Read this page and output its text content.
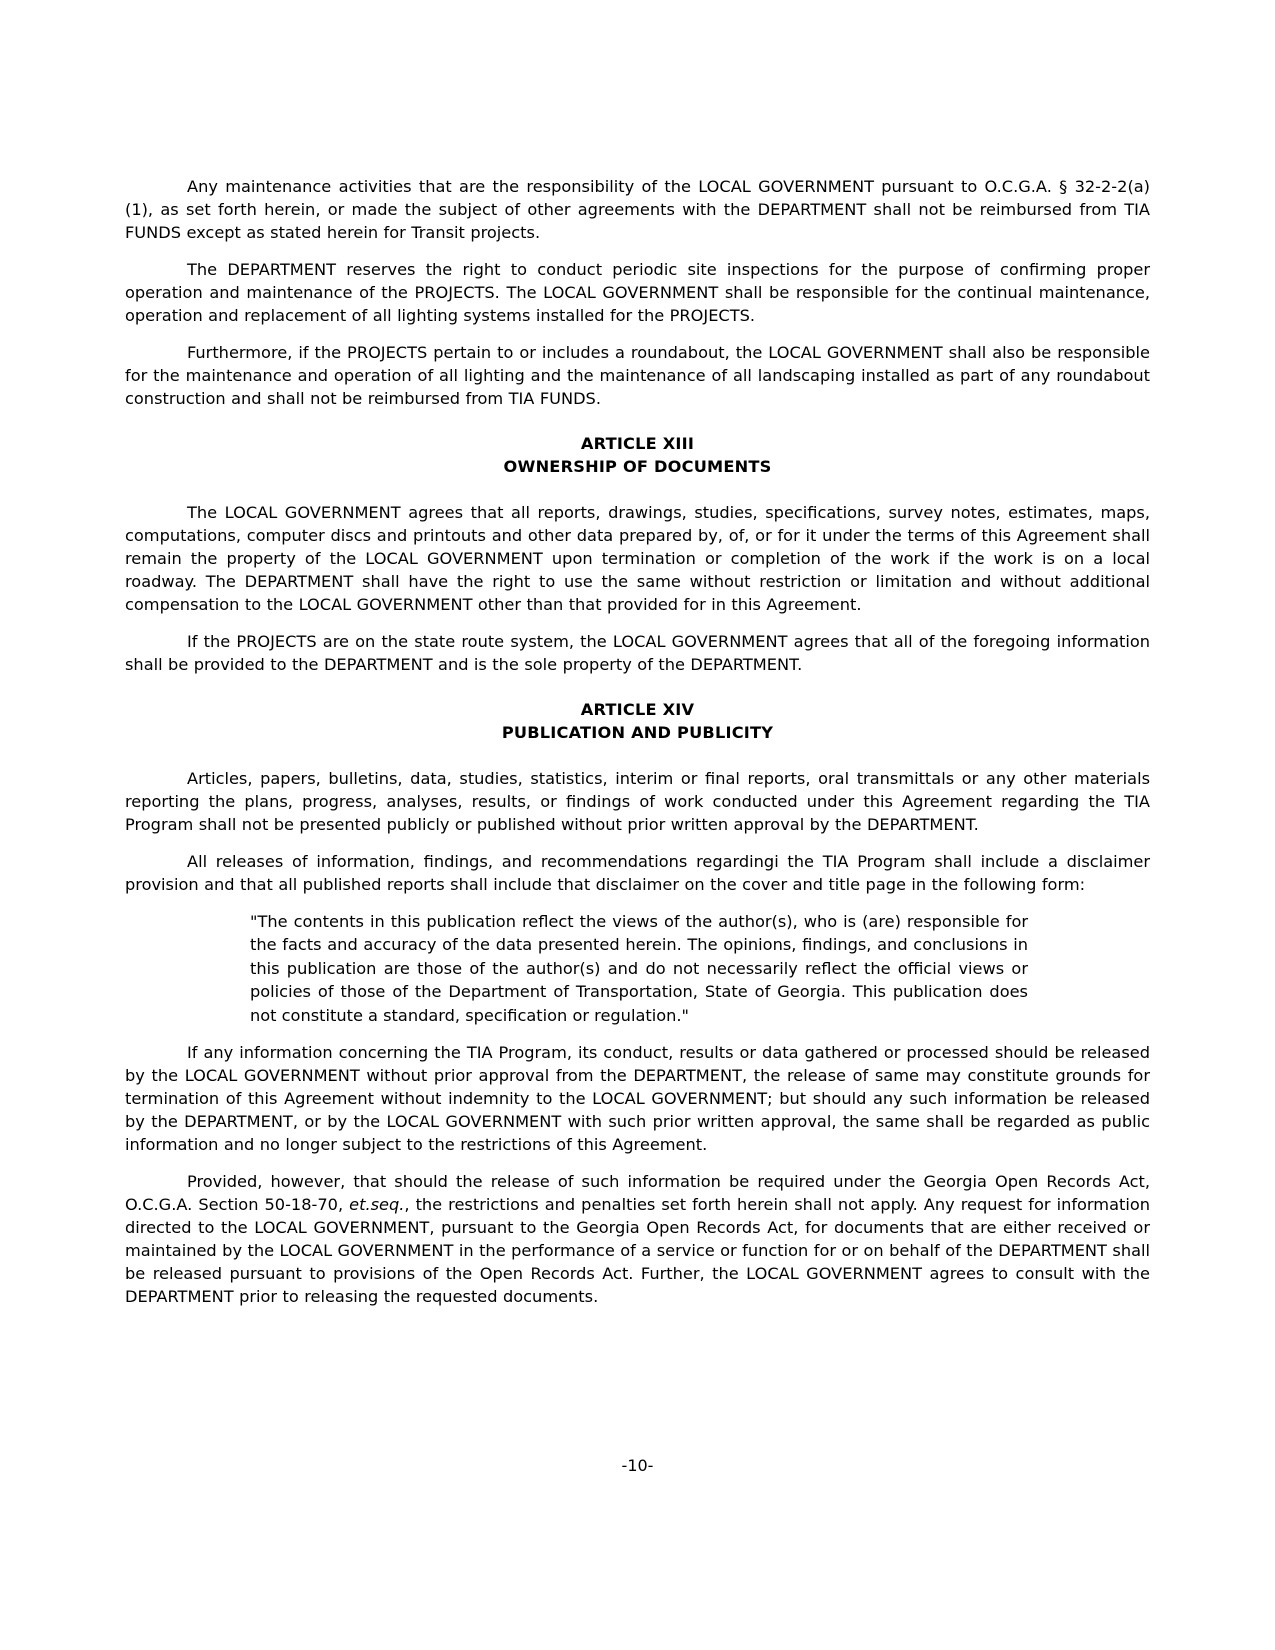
Any maintenance activities that are the responsibility of the LOCAL GOVERNMENT pursuant to O.C.G.A. § 32-2-2(a)(1), as set forth herein, or made the subject of other agreements with the DEPARTMENT shall not be reimbursed from TIA FUNDS except as stated herein for Transit projects.

The DEPARTMENT reserves the right to conduct periodic site inspections for the purpose of confirming proper operation and maintenance of the PROJECTS. The LOCAL GOVERNMENT shall be responsible for the continual maintenance, operation and replacement of all lighting systems installed for the PROJECTS.

Furthermore, if the PROJECTS pertain to or includes a roundabout, the LOCAL GOVERNMENT shall also be responsible for the maintenance and operation of all lighting and the maintenance of all landscaping installed as part of any roundabout construction and shall not be reimbursed from TIA FUNDS.

ARTICLE XIII
OWNERSHIP OF DOCUMENTS

The LOCAL GOVERNMENT agrees that all reports, drawings, studies, specifications, survey notes, estimates, maps, computations, computer discs and printouts and other data prepared by, of, or for it under the terms of this Agreement shall remain the property of the LOCAL GOVERNMENT upon termination or completion of the work if the work is on a local roadway. The DEPARTMENT shall have the right to use the same without restriction or limitation and without additional compensation to the LOCAL GOVERNMENT other than that provided for in this Agreement.

If the PROJECTS are on the state route system, the LOCAL GOVERNMENT agrees that all of the foregoing information shall be provided to the DEPARTMENT and is the sole property of the DEPARTMENT.

ARTICLE XIV
PUBLICATION AND PUBLICITY

Articles, papers, bulletins, data, studies, statistics, interim or final reports, oral transmittals or any other materials reporting the plans, progress, analyses, results, or findings of work conducted under this Agreement regarding the TIA Program shall not be presented publicly or published without prior written approval by the DEPARTMENT.

All releases of information, findings, and recommendations regardingi the TIA Program shall include a disclaimer provision and that all published reports shall include that disclaimer on the cover and title page in the following form:

"The contents in this publication reflect the views of the author(s), who is (are) responsible for the facts and accuracy of the data presented herein. The opinions, findings, and conclusions in this publication are those of the author(s) and do not necessarily reflect the official views or policies of those of the Department of Transportation, State of Georgia. This publication does not constitute a standard, specification or regulation."

If any information concerning the TIA Program, its conduct, results or data gathered or processed should be released by the LOCAL GOVERNMENT without prior approval from the DEPARTMENT, the release of same may constitute grounds for termination of this Agreement without indemnity to the LOCAL GOVERNMENT; but should any such information be released by the DEPARTMENT, or by the LOCAL GOVERNMENT with such prior written approval, the same shall be regarded as public information and no longer subject to the restrictions of this Agreement.

Provided, however, that should the release of such information be required under the Georgia Open Records Act, O.C.G.A. Section 50-18-70, et.seq., the restrictions and penalties set forth herein shall not apply. Any request for information directed to the LOCAL GOVERNMENT, pursuant to the Georgia Open Records Act, for documents that are either received or maintained by the LOCAL GOVERNMENT in the performance of a service or function for or on behalf of the DEPARTMENT shall be released pursuant to provisions of the Open Records Act. Further, the LOCAL GOVERNMENT agrees to consult with the DEPARTMENT prior to releasing the requested documents.

-10-
